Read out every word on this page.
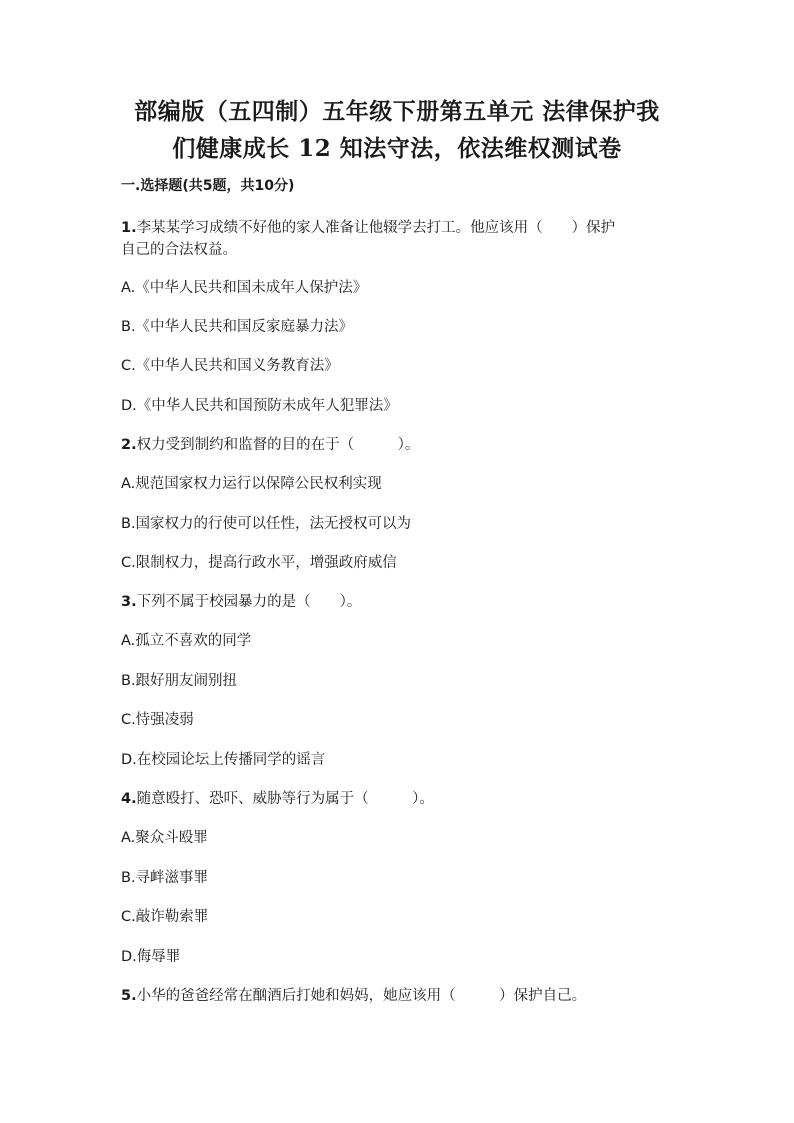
部编版（五四制）五年级下册第五单元 法律保护我
们健康成长 12 知法守法，依法维权测试卷
一.选择题(共5题，共10分)
1.李某某学习成绩不好他的家人准备让他辍学去打工。他应该用（　　）保护
自己的合法权益。

A.《中华人民共和国未成年人保护法》

B.《中华人民共和国反家庭暴力法》

C.《中华人民共和国义务教育法》

D.《中华人民共和国预防未成年人犯罪法》

2.权力受到制约和监督的目的在于（　　　）。

A.规范国家权力运行以保障公民权利实现

B.国家权力的行使可以任性，法无授权可以为

C.限制权力，提高行政水平，增强政府威信

3.下列不属于校园暴力的是（　　）。

A.孤立不喜欢的同学

B.跟好朋友闹别扭

C.恃强凌弱

D.在校园论坛上传播同学的谣言

4.随意殴打、恐吓、威胁等行为属于（　　　）。

A.聚众斗殴罪

B.寻衅滋事罪

C.敲诈勒索罪

D.侮辱罪

5.小华的爸爸经常在酗酒后打她和妈妈，她应该用（　　　）保护自己。
